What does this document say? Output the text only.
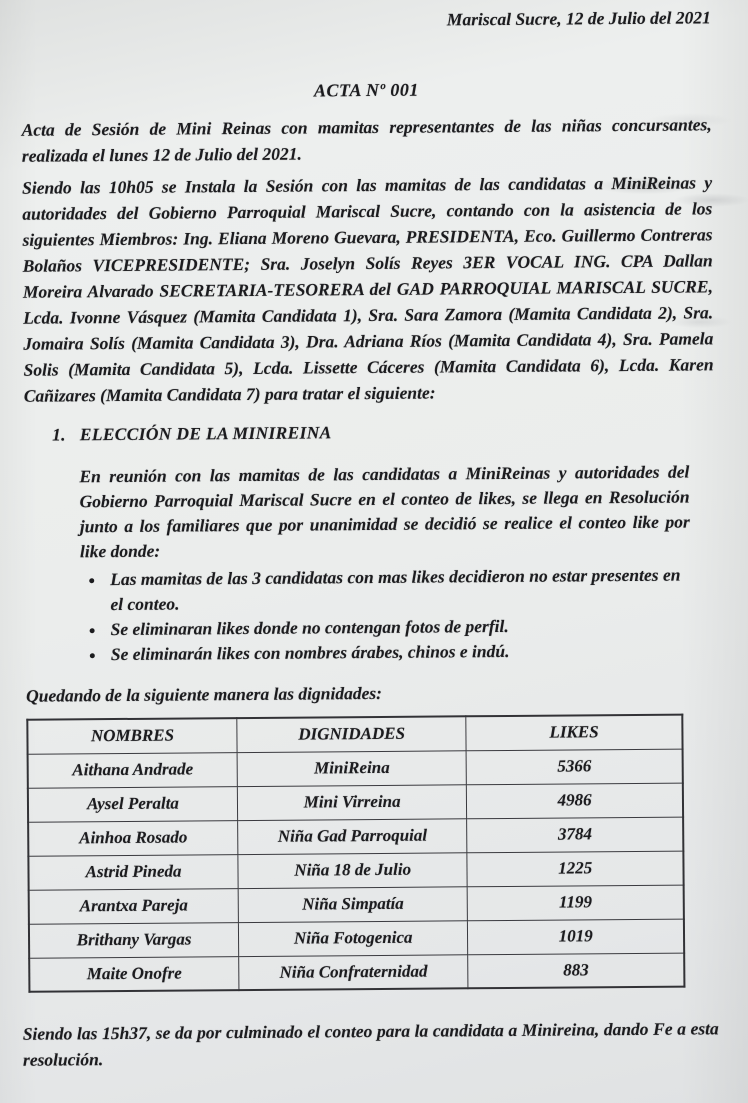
Mariscal Sucre, 12 de Julio del 2021
ACTA Nº 001

Acta de Sesión de Mini Reinas con mamitas representantes de las niñas concursantes, realizada el lunes 12 de Julio del 2021.

Siendo las 10h05 se Instala la Sesión con las mamitas de las candidatas a MiniReinas y autoridades del Gobierno Parroquial Mariscal Sucre, contando con la asistencia de los siguientes Miembros: Ing. Eliana Moreno Guevara, PRESIDENTA, Eco. Guillermo Contreras Bolaños VICEPRESIDENTE; Sra. Joselyn Solís Reyes 3ER VOCAL ING. CPA Dallan Moreira Alvarado SECRETARIA-TESORERA del GAD PARROQUIAL MARISCAL SUCRE, Lcda. Ivonne Vásquez (Mamita Candidata 1), Sra. Sara Zamora (Mamita Candidata 2), Sra. Jomaira Solís (Mamita Candidata 3), Dra. Adriana Ríos (Mamita Candidata 4), Sra. Pamela Solis (Mamita Candidata 5), Lcda. Lissette Cáceres (Mamita Candidata 6), Lcda. Karen Cañizares (Mamita Candidata 7) para tratar el siguiente:

1. ELECCIÓN DE LA MINIREINA

En reunión con las mamitas de las candidatas a MiniReinas y autoridades del Gobierno Parroquial Mariscal Sucre en el conteo de likes, se llega en Resolución junto a los familiares que por unanimidad se decidió se realice el conteo like por like donde:

• Las mamitas de las 3 candidatas con mas likes decidieron no estar presentes en el conteo.
• Se eliminaran likes donde no contengan fotos de perfil.
• Se eliminarán likes con nombres árabes, chinos e indú.

Quedando de la siguiente manera las dignidades:

NOMBRES	DIGNIDADES	LIKES
Aithana Andrade	MiniReina	5366
Aysel Peralta	Mini Virreina	4986
Ainhoa Rosado	Niña Gad Parroquial	3784
Astrid Pineda	Niña 18 de Julio	1225
Arantxa Pareja	Niña Simpatía	1199
Brithany Vargas	Niña Fotogenica	1019
Maite Onofre	Niña Confraternidad	883

Siendo las 15h37, se da por culminado el conteo para la candidata a Minireina, dando Fe a esta resolución.
